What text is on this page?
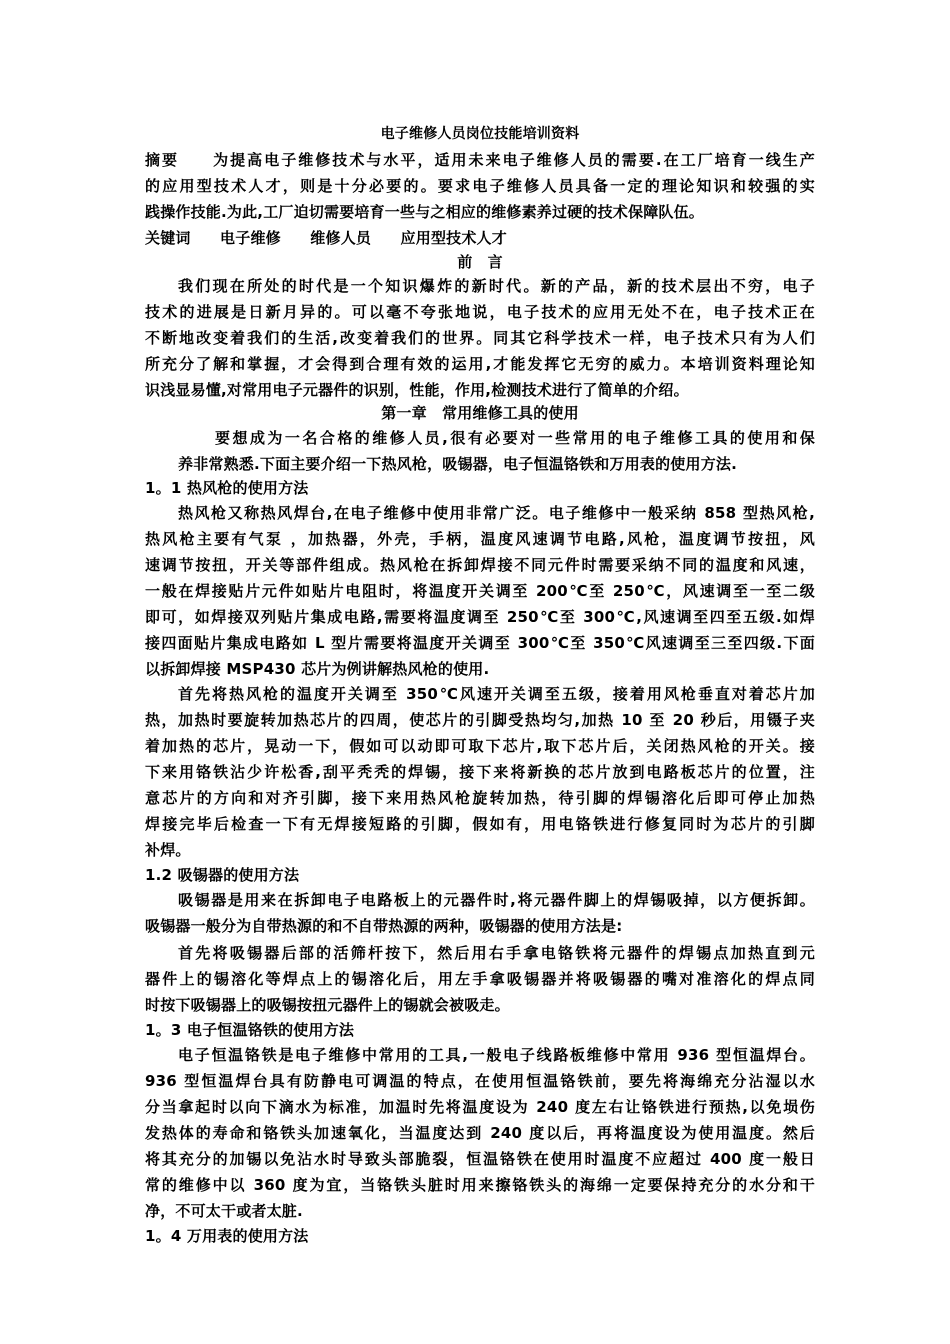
电子维修人员岗位技能培训资料
摘要　　为提高电子维修技术与水平，适用未来电子维修人员的需要.在工厂培育一线生产
的应用型技术人才，则是十分必要的。要求电子维修人员具备一定的理论知识和较强的实
践操作技能.为此,工厂迫切需要培育一些与之相应的维修素养过硬的技术保障队伍。
关键词 电子维修 维修人员 应用型技术人才
前　言
我们现在所处的时代是一个知识爆炸的新时代。新的产品，新的技术层出不穷，电子
技术的进展是日新月异的。可以毫不夸张地说，电子技术的应用无处不在，电子技术正在
不断地改变着我们的生活,改变着我们的世界。同其它科学技术一样，电子技术只有为人们
所充分了解和掌握，才会得到合理有效的运用,才能发挥它无穷的威力。本培训资料理论知
识浅显易懂,对常用电子元器件的识别，性能，作用,检测技术进行了简单的介绍。
第一章　常用维修工具的使用
要想成为一名合格的维修人员,很有必要对一些常用的电子维修工具的使用和保
养非常熟悉.下面主要介绍一下热风枪，吸锡器，电子恒温铬铁和万用表的使用方法.
1。1 热风枪的使用方法
热风枪又称热风焊台,在电子维修中使用非常广泛。电子维修中一般采纳 858 型热风枪,
热风枪主要有气泵 ，加热器，外壳，手柄，温度风速调节电路,风枪，温度调节按扭，风
速调节按扭，开关等部件组成。热风枪在拆卸焊接不同元件时需要采纳不同的温度和风速，
一般在焊接贴片元件如贴片电阻时，将温度开关调至 200℃至 250℃，风速调至一至二级
即可，如焊接双列贴片集成电路,需要将温度调至 250℃至 300℃,风速调至四至五级.如焊
接四面贴片集成电路如 L 型片需要将温度开关调至 300℃至 350℃风速调至三至四级.下面
以拆卸焊接 MSP430 芯片为例讲解热风枪的使用.
首先将热风枪的温度开关调至 350℃风速开关调至五级，接着用风枪垂直对着芯片加
热，加热时要旋转加热芯片的四周，使芯片的引脚受热均匀,加热 10 至 20 秒后，用镊子夹
着加热的芯片，晃动一下，假如可以动即可取下芯片,取下芯片后，关闭热风枪的开关。接
下来用铬铁沾少许松香,刮平秃秃的焊锡，接下来将新换的芯片放到电路板芯片的位置，注
意芯片的方向和对齐引脚，接下来用热风枪旋转加热，待引脚的焊锡溶化后即可停止加热
焊接完毕后检查一下有无焊接短路的引脚，假如有，用电铬铁进行修复同时为芯片的引脚
补焊。
1.2 吸锡器的使用方法
吸锡器是用来在拆卸电子电路板上的元器件时,将元器件脚上的焊锡吸掉，以方便拆卸。
吸锡器一般分为自带热源的和不自带热源的两种，吸锡器的使用方法是:
首先将吸锡器后部的活筛杆按下，然后用右手拿电铬铁将元器件的焊锡点加热直到元
器件上的锡溶化等焊点上的锡溶化后，用左手拿吸锡器并将吸锡器的嘴对准溶化的焊点同
时按下吸锡器上的吸锡按扭元器件上的锡就会被吸走。
1。3 电子恒温铬铁的使用方法
电子恒温铬铁是电子维修中常用的工具,一般电子线路板维修中常用 936 型恒温焊台。
936 型恒温焊台具有防静电可调温的特点，在使用恒温铬铁前，要先将海绵充分沾湿以水
分当拿起时以向下滴水为标准，加温时先将温度设为 240 度左右让铬铁进行预热,以免埙伤
发热体的寿命和铬铁头加速氧化，当温度达到 240 度以后，再将温度设为使用温度。然后
将其充分的加锡以免沾水时导致头部脆裂，恒温铬铁在使用时温度不应超过 400 度一般日
常的维修中以 360 度为宜，当铬铁头脏时用来擦铬铁头的海绵一定要保持充分的水分和干
净，不可太干或者太脏.
1。4 万用表的使用方法
